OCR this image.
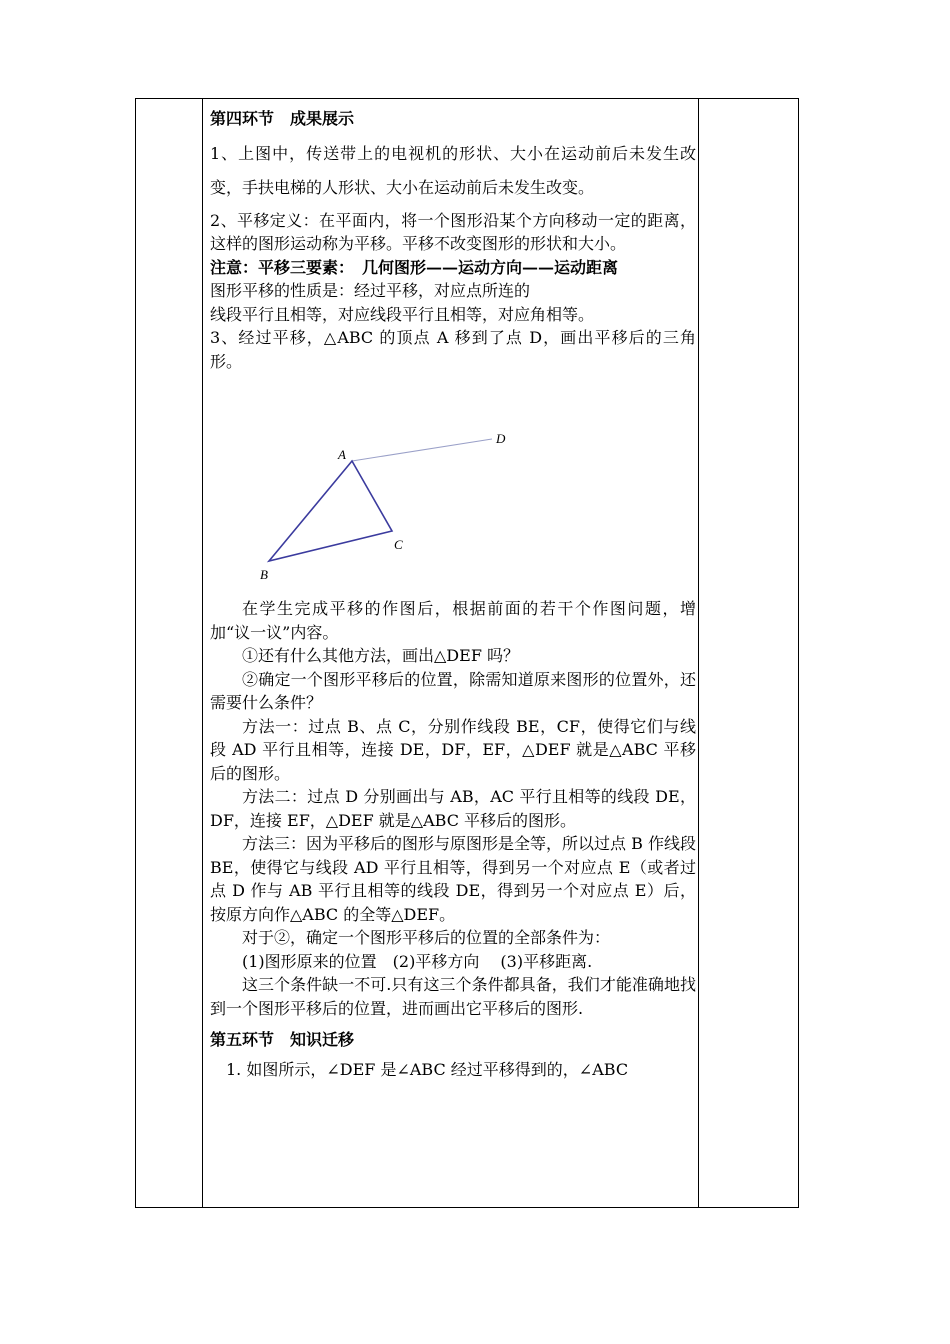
第四环节　成果展示

1、上图中，传送带上的电视机的形状、大小在运动前后未发生改变，手扶电梯的人形状、大小在运动前后未发生改变。

2、平移定义：在平面内，将一个图形沿某个方向移动一定的距离，这样的图形运动称为平移。平移不改变图形的形状和大小。

注意：平移三要素：　几何图形——运动方向——运动距离

图形平移的性质是：经过平移，对应点所连的

线段平行且相等，对应线段平行且相等，对应角相等。

3、经过平移，△ABC 的顶点 A 移到了点 D，画出平移后的三角形。

A
B
C
D

在学生完成平移的作图后，根据前面的若干个作图问题，增加“议一议”内容。

①还有什么其他方法，画出△DEF 吗？

②确定一个图形平移后的位置，除需知道原来图形的位置外，还需要什么条件？

方法一：过点 B、点 C，分别作线段 BE，CF，使得它们与线段 AD 平行且相等，连接 DE，DF，EF，△DEF 就是△ABC 平移后的图形。

方法二：过点 D 分别画出与 AB，AC 平行且相等的线段 DE，DF，连接 EF，△DEF 就是△ABC 平移后的图形。

方法三：因为平移后的图形与原图形是全等，所以过点 B 作线段 BE，使得它与线段 AD 平行且相等，得到另一个对应点 E（或者过点 D 作与 AB 平行且相等的线段 DE，得到另一个对应点 E）后，按原方向作△ABC 的全等△DEF。

对于②，确定一个图形平移后的位置的全部条件为：

(1)图形原来的位置　(2)平移方向　 (3)平移距离.

这三个条件缺一不可.只有这三个条件都具备，我们才能准确地找到一个图形平移后的位置，进而画出它平移后的图形.

第五环节　知识迁移

1. 如图所示，∠DEF 是∠ABC 经过平移得到的，∠ABC
